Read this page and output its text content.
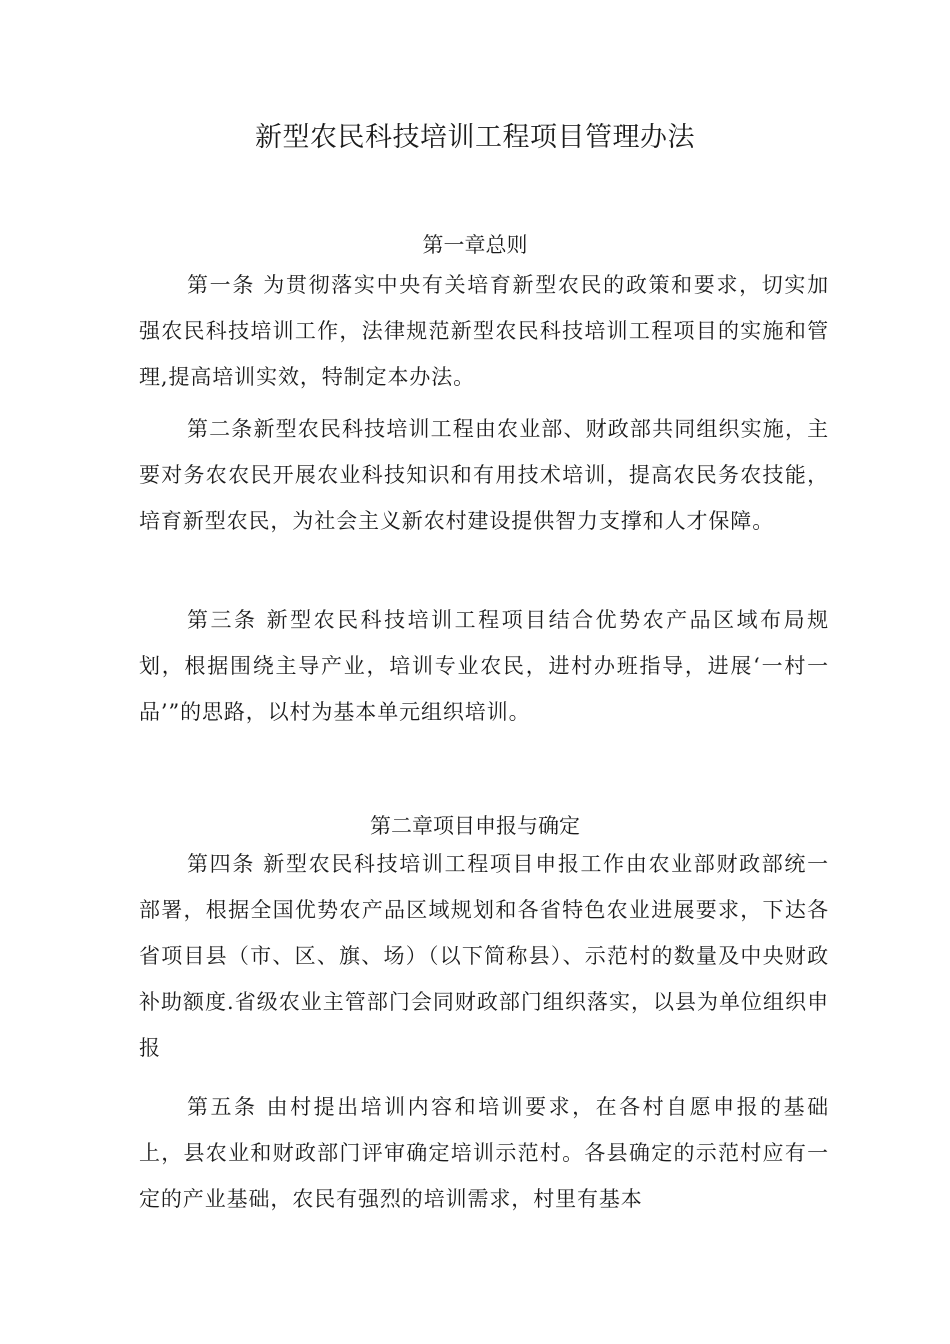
新型农民科技培训工程项目管理办法
第一章总则

第一条 为贯彻落实中央有关培育新型农民的政策和要求，切实加强农民科技培训工作，法律规范新型农民科技培训工程项目的实施和管理,提高培训实效，特制定本办法。

第二条新型农民科技培训工程由农业部、财政部共同组织实施，主要对务农农民开展农业科技知识和有用技术培训，提高农民务农技能，培育新型农民，为社会主义新农村建设提供智力支撑和人才保障。

第三条 新型农民科技培训工程项目结合优势农产品区域布局规划，根据围绕主导产业，培训专业农民，进村办班指导，进展‘一村一品’”的思路，以村为基本单元组织培训。

第二章项目申报与确定

第四条 新型农民科技培训工程项目申报工作由农业部财政部统一部署，根据全国优势农产品区域规划和各省特色农业进展要求，下达各省项目县（市、区、旗、场）（以下简称县）、示范村的数量及中央财政补助额度.省级农业主管部门会同财政部门组织落实，以县为单位组织申报

第五条 由村提出培训内容和培训要求，在各村自愿申报的基础上，县农业和财政部门评审确定培训示范村。各县确定的示范村应有一定的产业基础，农民有强烈的培训需求，村里有基本
